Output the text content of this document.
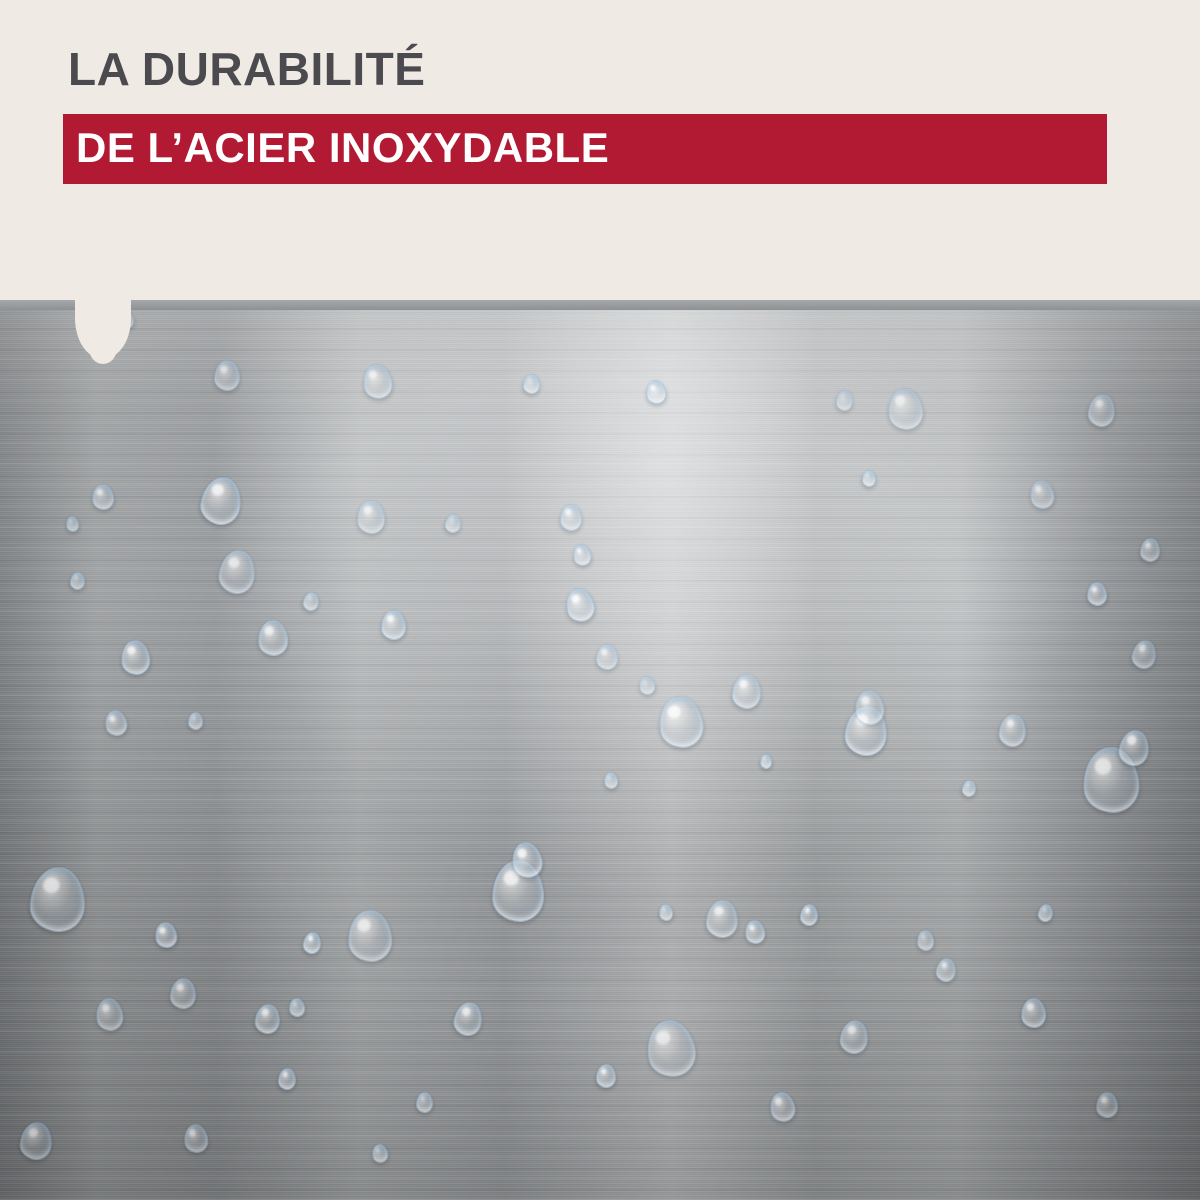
LA DURABILITÉ
DE L’ACIER INOXYDABLE
